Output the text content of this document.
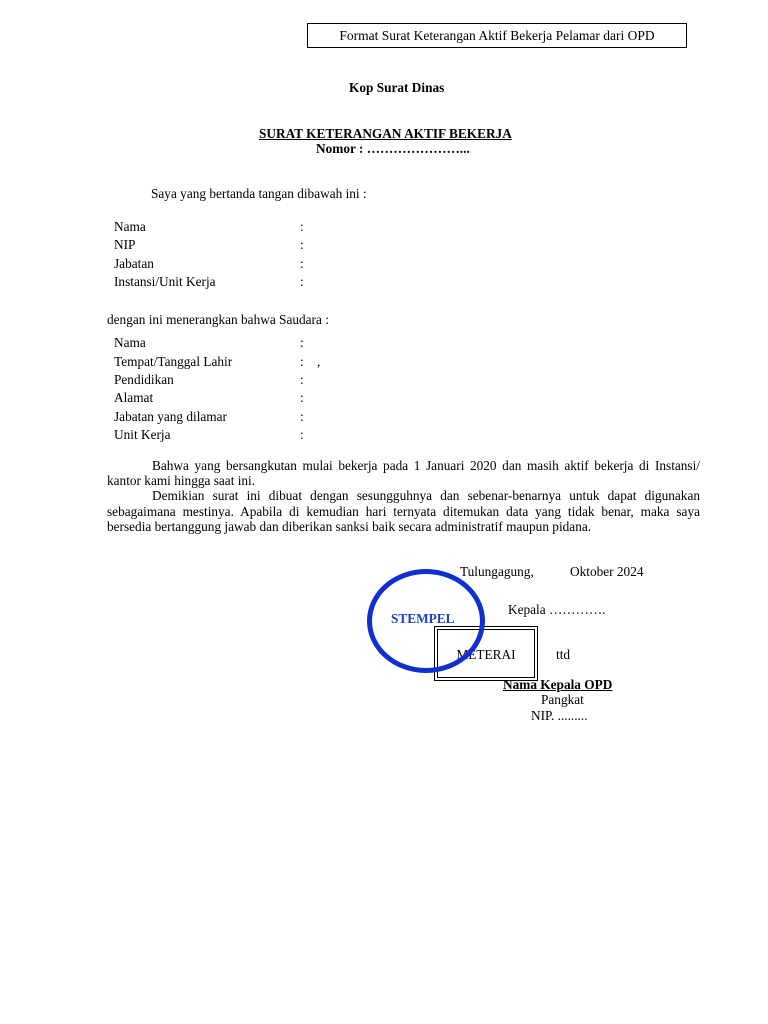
Format Surat Keterangan Aktif Bekerja Pelamar dari OPD
Kop Surat Dinas
SURAT KETERANGAN AKTIF BEKERJA
Nomor : …………………...
Saya yang bertanda tangan dibawah ini :
Nama	:
NIP	:
Jabatan	:
Instansi/Unit Kerja	:
dengan ini menerangkan bahwa Saudara :
Nama	:
Tempat/Tanggal Lahir	:    ,
Pendidikan	:
Alamat	:
Jabatan yang dilamar	:
Unit Kerja	:

Bahwa yang bersangkutan mulai bekerja pada 1 Januari 2020 dan masih aktif bekerja di Instansi/ kantor kami hingga saat ini.

Demikian surat ini dibuat dengan sesungguhnya dan sebenar-benarnya untuk dapat digunakan sebagaimana mestinya. Apabila di kemudian hari ternyata ditemukan data yang tidak benar, maka saya bersedia bertanggung jawab dan diberikan sanksi baik secara administratif maupun pidana.

Tulungagung,	Oktober 2024
Kepala ………….
METERAI	ttd
STEMPEL
Nama Kepala OPD
Pangkat
NIP. .........
